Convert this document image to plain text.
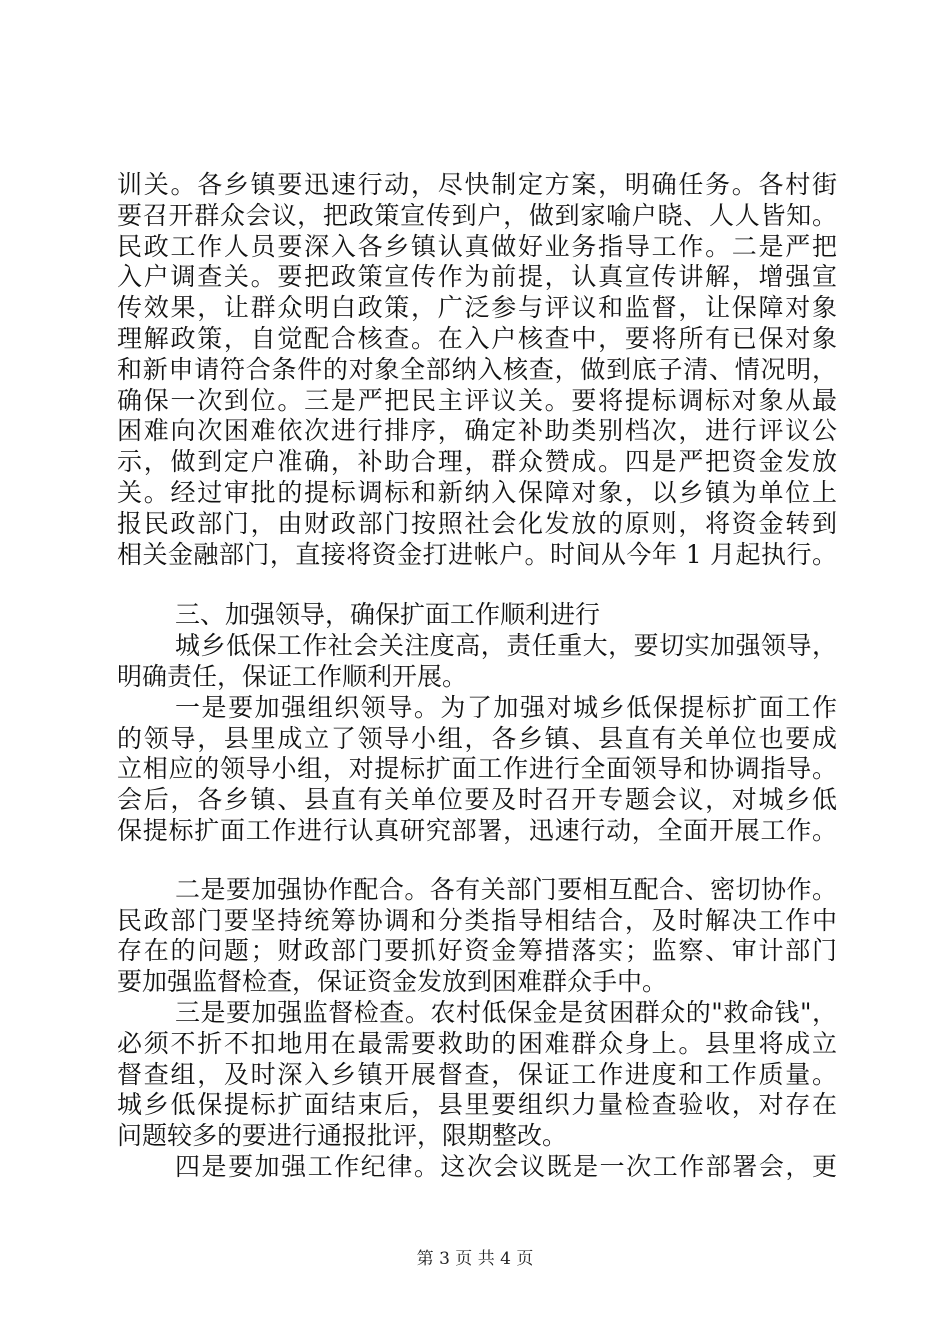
训关。各乡镇要迅速行动，尽快制定方案，明确任务。各村街
要召开群众会议，把政策宣传到户，做到家喻户晓、人人皆知。
民政工作人员要深入各乡镇认真做好业务指导工作。二是严把
入户调查关。要把政策宣传作为前提，认真宣传讲解，增强宣
传效果，让群众明白政策，广泛参与评议和监督，让保障对象
理解政策，自觉配合核查。在入户核查中，要将所有已保对象
和新申请符合条件的对象全部纳入核查，做到底子清、情况明，
确保一次到位。三是严把民主评议关。要将提标调标对象从最
困难向次困难依次进行排序，确定补助类别档次，进行评议公
示，做到定户准确，补助合理，群众赞成。四是严把资金发放
关。经过审批的提标调标和新纳入保障对象，以乡镇为单位上
报民政部门，由财政部门按照社会化发放的原则，将资金转到
相关金融部门，直接将资金打进帐户。时间从今年 1 月起执行。
三、加强领导，确保扩面工作顺利进行
城乡低保工作社会关注度高，责任重大，要切实加强领导，
明确责任，保证工作顺利开展。
一是要加强组织领导。为了加强对城乡低保提标扩面工作
的领导，县里成立了领导小组，各乡镇、县直有关单位也要成
立相应的领导小组，对提标扩面工作进行全面领导和协调指导。
会后，各乡镇、县直有关单位要及时召开专题会议，对城乡低
保提标扩面工作进行认真研究部署，迅速行动，全面开展工作。
二是要加强协作配合。各有关部门要相互配合、密切协作。
民政部门要坚持统筹协调和分类指导相结合，及时解决工作中
存在的问题；财政部门要抓好资金筹措落实；监察、审计部门
要加强监督检查，保证资金发放到困难群众手中。
三是要加强监督检查。农村低保金是贫困群众的"救命钱"，
必须不折不扣地用在最需要救助的困难群众身上。县里将成立
督查组，及时深入乡镇开展督查，保证工作进度和工作质量。
城乡低保提标扩面结束后，县里要组织力量检查验收，对存在
问题较多的要进行通报批评，限期整改。
四是要加强工作纪律。这次会议既是一次工作部署会，更
第 3 页 共 4 页
